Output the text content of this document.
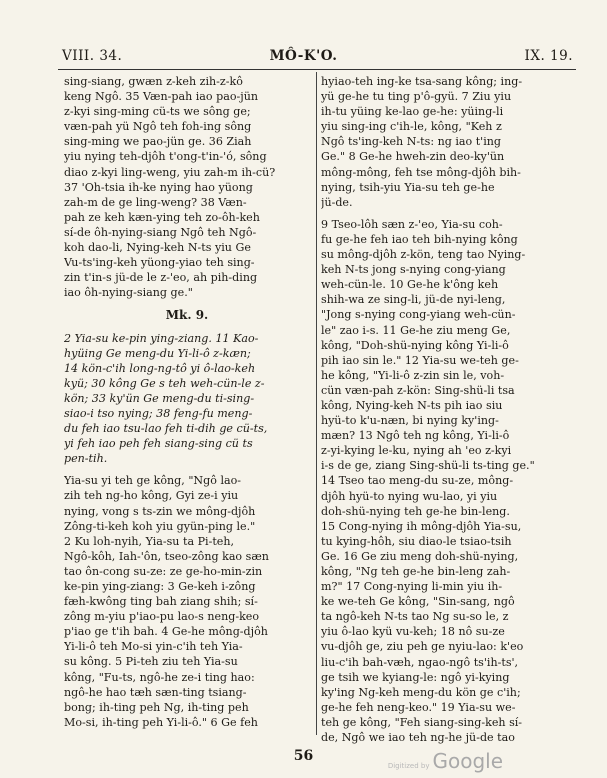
VIII. 34.	MÔ-K'O.	IX. 19.
sing-siang, gwæn z-keh zih-z-kô
keng Ngô. 35 Væn-pah iao pao-jün
z-kyi sing-ming cü-ts we sông ge;
væn-pah yü Ngô teh foh-ing sông
sing-ming we pao-jün ge. 36 Ziah
yiu nying teh-djôh t'ong-t'in-'ó, sông
diao z-kyi ling-weng, yiu zah-m ih-cü?
37 'Oh-tsia ih-ke nying hao yüong
zah-m de ge ling-weng? 38 Væn-
pah ze keh kæn-ying teh zo-ôh-keh
sí-de ôh-nying-siang Ngô teh Ngô-
koh dao-li, Nying-keh N-ts yiu Ge
Vu-ts'ing-keh yüong-yiao teh sing-
zin t'in-s jü-de le z-'eo, ah pih-ding
iao ôh-nying-siang ge."
Mk. 9.
2 Yia-su ke-pin ying-ziang. 11 Kao-
hyüing Ge meng-du Yi-li-ô z-kæn;
14 kön-c'ih long-ng-tô yi ô-lao-keh
kyü; 30 kông Ge s teh weh-cün-le z-
kön; 33 ky'ün Ge meng-du ti-sing-
siao-i tso nying; 38 feng-fu meng-
du feh iao tsu-lao feh ti-dih ge cü-ts,
yi feh iao peh feh siang-sing cü ts
pen-tih.
Yia-su yi teh ge kông, "Ngô lao-
zih teh ng-ho kông, Gyi ze-i yiu
nying, vong s ts-zin we mông-djôh
Zông-ti-keh koh yiu gyün-ping le."
2 Ku loh-nyih, Yia-su ta Pi-teh,
Ngô-kôh, Iah-'ôn, tseo-zông kao sæn
tao ôn-cong su-ze: ze ge-ho-min-zin
ke-pin ying-ziang: 3 Ge-keh i-zông
fæh-kwông ting bah ziang shih; sí-
zông m-yiu p'iao-pu lao-s neng-keo
p'iao ge t'ih bah. 4 Ge-he mông-djôh
Yi-li-ô teh Mo-si yin-c'ih teh Yia-
su kông. 5 Pi-teh ziu teh Yia-su
kông, "Fu-ts, ngô-he ze-i ting hao:
ngô-he hao tæh sæn-ting tsiang-
bong; ih-ting peh Ng, ih-ting peh
Mo-si, ih-ting peh Yi-li-ô." 6 Ge feh
hyiao-teh ing-ke tsa-sang kông; ing-
yü ge-he tu ting p'ô-gyü. 7 Ziu yiu
ih-tu yüing ke-lao ge-he: yüing-li
yiu sing-ing c'ih-le, kông, "Keh z
Ngô ts'ing-keh N-ts: ng iao t'ing
Ge." 8 Ge-he hweh-zin deo-ky'ün
mông-mông, feh tse mông-djôh bih-
nying, tsih-yiu Yia-su teh ge-he
jü-de.
9 Tseo-lôh sæn z-'eo, Yia-su coh-
fu ge-he feh iao teh bih-nying kông
su mông-djôh z-kön, teng tao Nying-
keh N-ts jong s-nying cong-yiang
weh-cün-le. 10 Ge-he k'ông keh
shih-wa ze sing-li, jü-de nyi-leng,
"Jong s-nying cong-yiang weh-cün-
le" zao i-s. 11 Ge-he ziu meng Ge,
kông, "Doh-shü-nying kông Yi-li-ô
pih iao sin le." 12 Yia-su we-teh ge-
he kông, "Yi-li-ô z-zin sin le, voh-
cün væn-pah z-kön: Sing-shü-li tsa
kông, Nying-keh N-ts pih iao siu
hyü-to k'u-næn, bi nying ky'ing-
mæn? 13 Ngô teh ng kông, Yi-li-ô
z-yi-kying le-ku, nying ah 'eo z-kyi
i-s de ge, ziang Sing-shü-li ts-ting ge."
14 Tseo tao meng-du su-ze, mông-
djôh hyü-to nying wu-lao, yi yiu
doh-shü-nying teh ge-he bin-leng.
15 Cong-nying ih mông-djôh Yia-su,
tu kying-hôh, siu diao-le tsiao-tsih
Ge. 16 Ge ziu meng doh-shü-nying,
kông, "Ng teh ge-he bin-leng zah-
m?" 17 Cong-nying li-min yiu ih-
ke we-teh Ge kông, "Sin-sang, ngô
ta ngô-keh N-ts tao Ng su-so le, z
yiu ô-lao kyü vu-keh; 18 nô su-ze
vu-djôh ge, ziu peh ge nyiu-lao: k'eo
liu-c'ih bah-væh, ngao-ngô ts'ih-ts',
ge tsih we kyiang-le: ngô yi-kying
ky'ing Ng-keh meng-du kön ge c'ih;
ge-he feh neng-keo." 19 Yia-su we-
teh ge kông, "Feh siang-sing-keh sí-
de, Ngô we iao teh ng-he jü-de tao
56
Digitized by Google
